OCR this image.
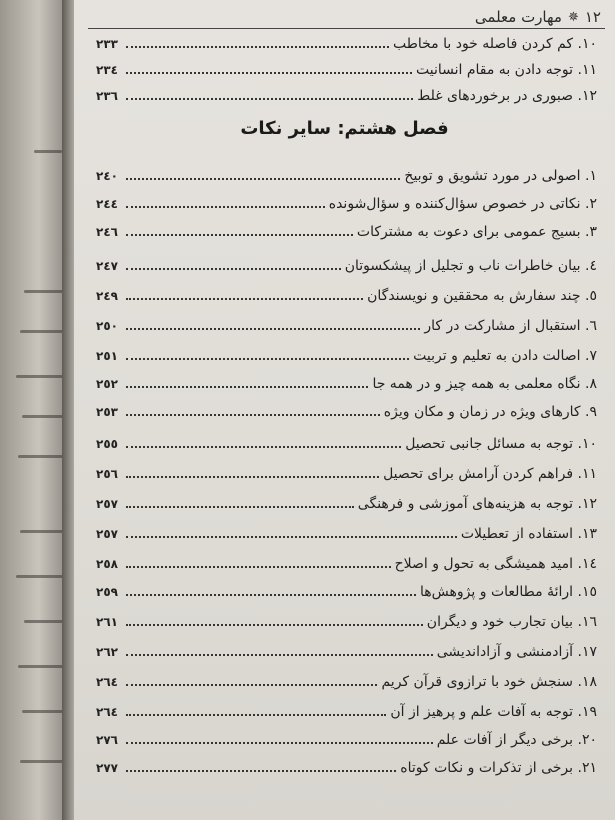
١٢
✵
مهارت معلمی
١٠. کم کردن فاصله خود با مخاطب
٢٣٣
١١. توجه دادن به مقام انسانیت
٢٣٤
١٢. صبوری در برخوردهای غلط
٢٣٦
فصل هشتم: سایر نکات
١. اصولی در مورد تشویق و توبیخ
٢٤٠
٢. نکاتی در خصوص سؤال‌کننده و سؤال‌شونده
٢٤٤
٣. بسیج عمومی برای دعوت به مشترکات
٢٤٦
٤. بیان خاطرات ناب و تجلیل از پیشکسوتان
٢٤٧
٥. چند سفارش به محققین و نویسندگان
٢٤٩
٦. استقبال از مشارکت در کار
٢٥٠
٧. اصالت دادن به تعلیم و تربیت
٢٥١
٨. نگاه معلمی به همه چیز و در همه جا
٢٥٢
٩. کارهای ویژه در زمان و مکان ویژه
٢٥٣
١٠. توجه به مسائل جانبی تحصیل
٢٥٥
١١. فراهم کردن آرامش برای تحصیل
٢٥٦
١٢. توجه به هزینه‌های آموزشی و فرهنگی
٢٥٧
١٣. استفاده از تعطیلات
٢٥٧
١٤. امید همیشگی به تحول و اصلاح
٢٥٨
١٥. ارائهٔ مطالعات و پژوهش‌ها
٢٥٩
١٦. بیان تجارب خود و دیگران
٢٦١
١٧. آزادمنشی و آزاداندیشی
٢٦٢
١٨. سنجش خود با ترازوی قرآن کریم
٢٦٤
١٩. توجه به آفات علم و پرهیز از آن
٢٦٤
٢٠. برخی دیگر از آفات علم
٢٧٦
٢١. برخی از تذکرات و نکات کوتاه
٢٧٧
